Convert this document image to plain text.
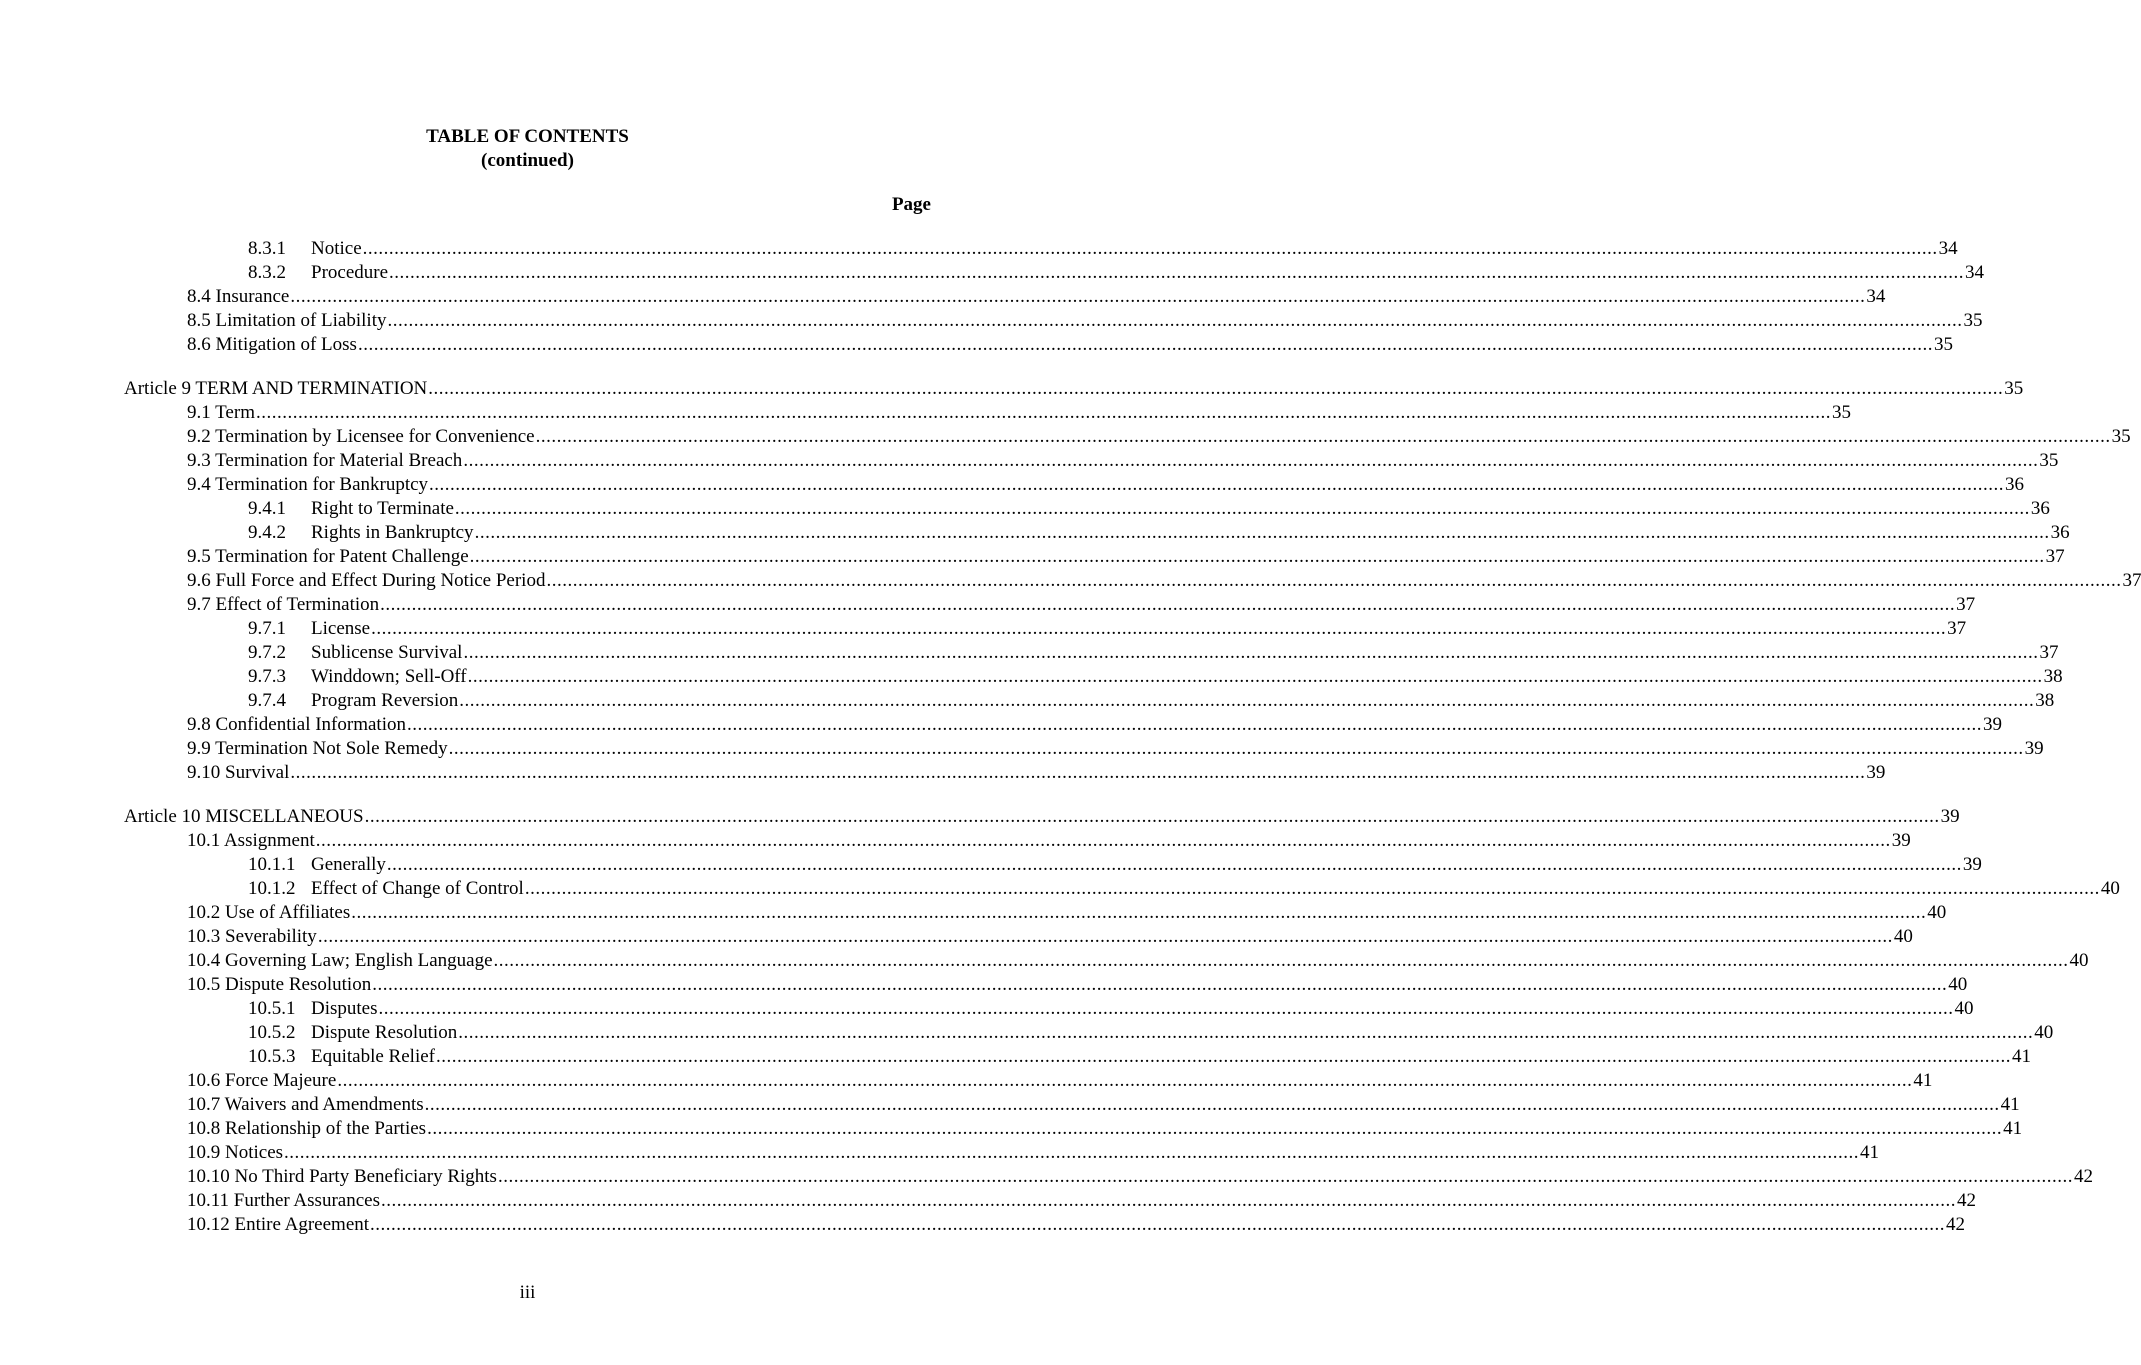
TABLE OF CONTENTS
(continued)
Page
8.3.1	Notice ............................................................................................................................................................................................................................................................................................................ 34
8.3.2	Procedure ............................................................................................................................................................................................................................................................................................................ 34
8.4 Insurance ............................................................................................................................................................................................................................................................................................................ 34
8.5 Limitation of Liability ............................................................................................................................................................................................................................................................................................................ 35
8.6 Mitigation of Loss ............................................................................................................................................................................................................................................................................................................ 35
Article 9 TERM AND TERMINATION ............................................................................................................................................................................................................................................................................................................ 35
9.1 Term ............................................................................................................................................................................................................................................................................................................ 35
9.2 Termination by Licensee for Convenience ............................................................................................................................................................................................................................................................................................................ 35
9.3 Termination for Material Breach ............................................................................................................................................................................................................................................................................................................ 35
9.4 Termination for Bankruptcy ............................................................................................................................................................................................................................................................................................................ 36
9.4.1	Right to Terminate ............................................................................................................................................................................................................................................................................................................ 36
9.4.2	Rights in Bankruptcy ............................................................................................................................................................................................................................................................................................................ 36
9.5 Termination for Patent Challenge ............................................................................................................................................................................................................................................................................................................ 37
9.6 Full Force and Effect During Notice Period ............................................................................................................................................................................................................................................................................................................ 37
9.7 Effect of Termination ............................................................................................................................................................................................................................................................................................................ 37
9.7.1	License ............................................................................................................................................................................................................................................................................................................ 37
9.7.2	Sublicense Survival ............................................................................................................................................................................................................................................................................................................ 37
9.7.3	Winddown; Sell-Off ............................................................................................................................................................................................................................................................................................................ 38
9.7.4	Program Reversion ............................................................................................................................................................................................................................................................................................................ 38
9.8 Confidential Information ............................................................................................................................................................................................................................................................................................................ 39
9.9 Termination Not Sole Remedy ............................................................................................................................................................................................................................................................................................................ 39
9.10 Survival ............................................................................................................................................................................................................................................................................................................ 39
Article 10 MISCELLANEOUS ............................................................................................................................................................................................................................................................................................................ 39
10.1 Assignment ............................................................................................................................................................................................................................................................................................................ 39
10.1.1 Generally ............................................................................................................................................................................................................................................................................................................ 39
10.1.2 Effect of Change of Control ............................................................................................................................................................................................................................................................................................................ 40
10.2 Use of Affiliates ............................................................................................................................................................................................................................................................................................................ 40
10.3 Severability ............................................................................................................................................................................................................................................................................................................ 40
10.4 Governing Law; English Language ............................................................................................................................................................................................................................................................................................................ 40
10.5 Dispute Resolution ............................................................................................................................................................................................................................................................................................................ 40
10.5.1 Disputes ............................................................................................................................................................................................................................................................................................................ 40
10.5.2 Dispute Resolution ............................................................................................................................................................................................................................................................................................................ 40
10.5.3 Equitable Relief ............................................................................................................................................................................................................................................................................................................ 41
10.6 Force Majeure ............................................................................................................................................................................................................................................................................................................ 41
10.7 Waivers and Amendments ............................................................................................................................................................................................................................................................................................................ 41
10.8 Relationship of the Parties ............................................................................................................................................................................................................................................................................................................ 41
10.9 Notices ............................................................................................................................................................................................................................................................................................................ 41
10.10 No Third Party Beneficiary Rights ............................................................................................................................................................................................................................................................................................................ 42
10.11 Further Assurances ............................................................................................................................................................................................................................................................................................................ 42
10.12 Entire Agreement ............................................................................................................................................................................................................................................................................................................ 42
iii
